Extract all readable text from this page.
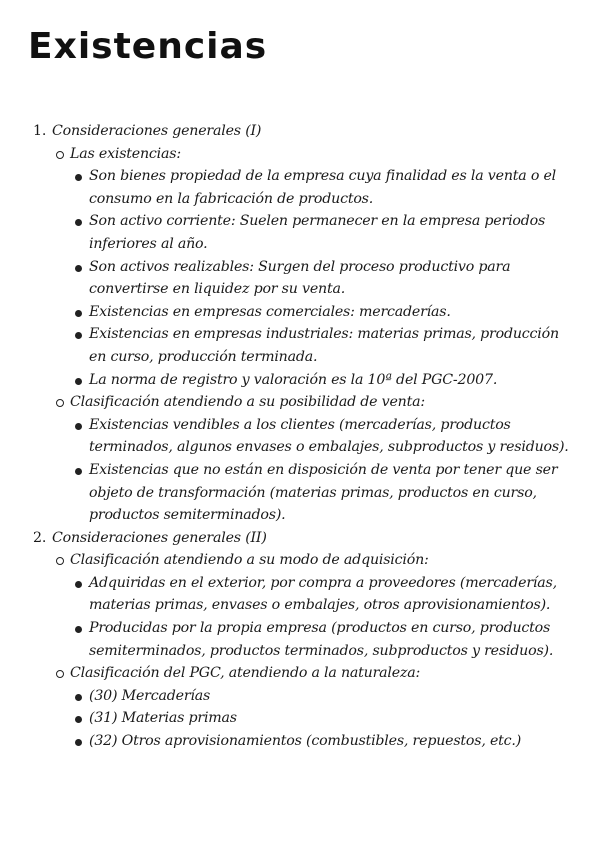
Existencias
1. Consideraciones generales (I)
Las existencias:
Son bienes propiedad de la empresa cuya finalidad es la venta o el consumo en la fabricación de productos.
Son activo corriente: Suelen permanecer en la empresa periodos inferiores al año.
Son activos realizables: Surgen del proceso productivo para convertirse en liquidez por su venta.
Existencias en empresas comerciales: mercaderías.
Existencias en empresas industriales: materias primas, producción en curso, producción terminada.
La norma de registro y valoración es la 10ª del PGC-2007.
Clasificación atendiendo a su posibilidad de venta:
Existencias vendibles a los clientes (mercaderías, productos terminados, algunos envases o embalajes, subproductos y residuos).
Existencias que no están en disposición de venta por tener que ser objeto de transformación (materias primas, productos en curso, productos semiterminados).
2. Consideraciones generales (II)
Clasificación atendiendo a su modo de adquisición:
Adquiridas en el exterior, por compra a proveedores (mercaderías, materias primas, envases o embalajes, otros aprovisionamientos).
Producidas por la propia empresa (productos en curso, productos semiterminados, productos terminados, subproductos y residuos).
Clasificación del PGC, atendiendo a la naturaleza:
(30) Mercaderías
(31) Materias primas
(32) Otros aprovisionamientos (combustibles, repuestos, etc.)
